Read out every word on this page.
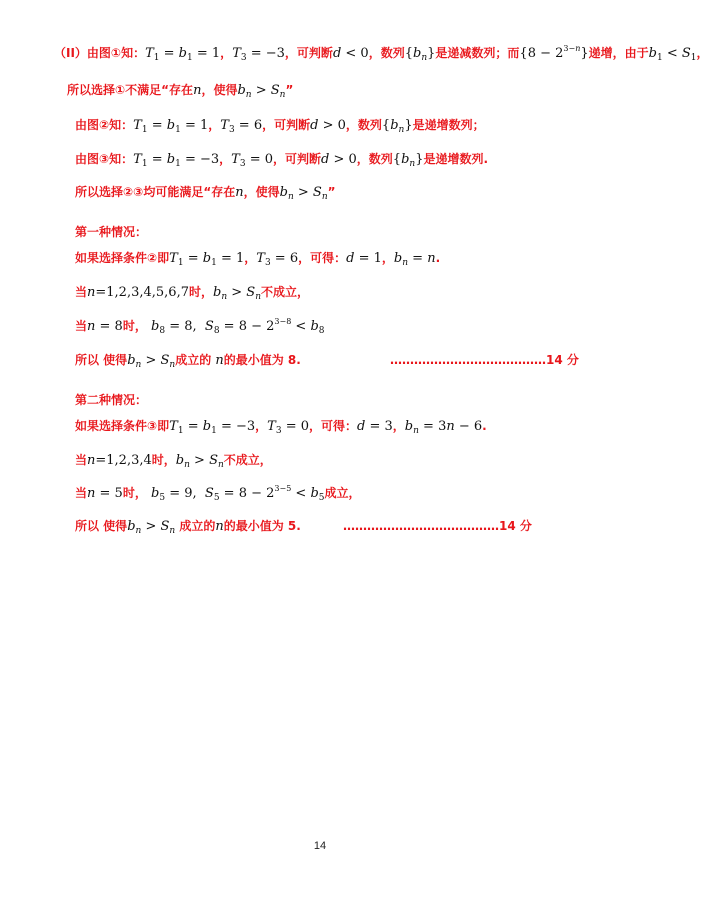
（II）由图①知：$T_1 = b_1 = 1$，$T_3 = -3$，可判断d < 0，数列$\{b_n\}$是递减数列；而$\{8 - 2^{3-n}\}$递增，由于$b_1 < S_1$，
所以选择①不满足“存在n，使得$b_n > S_n$”
由图②知：$T_1 = b_1 = 1$，$T_3 = 6$，可判断d > 0，数列$\{b_n\}$是递增数列；
由图③知：$T_1 = b_1 = -3$，$T_3 = 0$，可判断d > 0，数列$\{b_n\}$是递增数列.
所以选择②③均可能满足“存在n，使得$b_n > S_n$”
第一种情况：
如果选择条件②即$T_1 = b_1 = 1$，$T_3 = 6$，可得：d = 1，$b_n = n$.
当n=1,2,3,4,5,6,7时，$b_n > S_n$不成立，
当n = 8时， $b_8 = 8$,  $S_8 = 8 - 2^{3-8} < b_8$
所以 使得$b_n > S_n$成立的 n的最小值为 8.	…………………………………14 分
第二种情况：
如果选择条件③即$T_1 = b_1 = -3$，$T_3 = 0$，可得：d = 3，$b_n = 3n - 6$.
当n=1,2,3,4时，$b_n > S_n$不成立，
当n = 5时， $b_5 = 9$,  $S_5 = 8 - 2^{3-5} < b_5$成立，
所以 使得$b_n > S_n$ 成立的n的最小值为 5.	…………………………………14 分
14
